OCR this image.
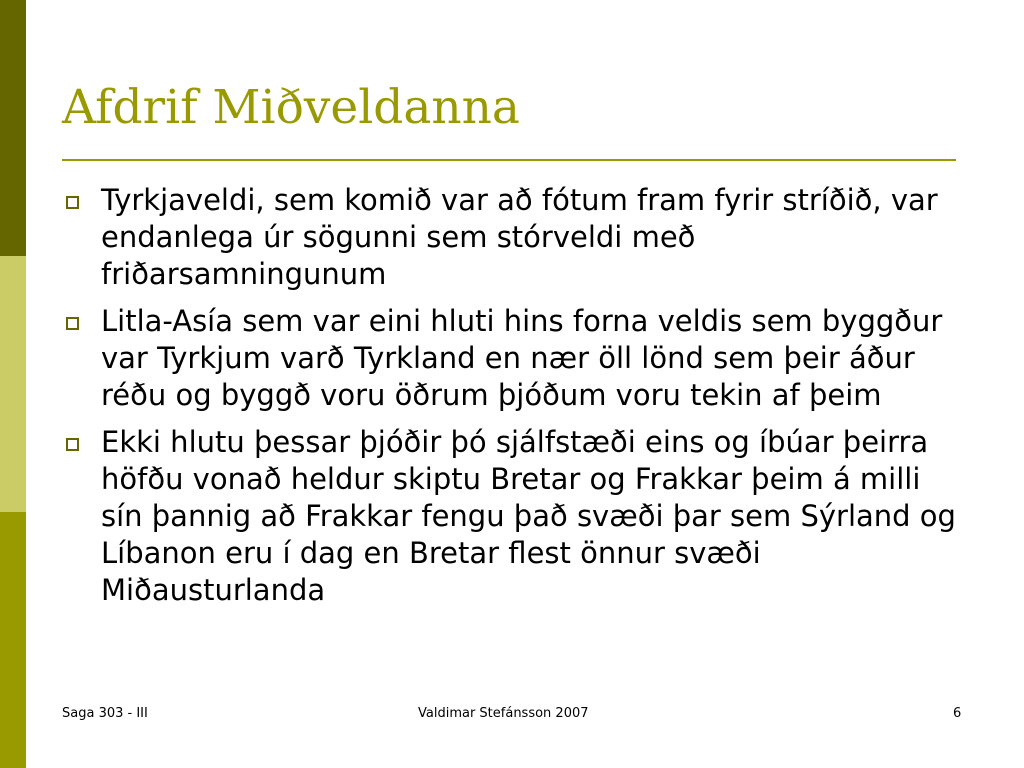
Afdrif Miðveldanna
Tyrkjaveldi, sem komið var að fótum fram fyrir stríðið, var endanlega úr sögunni sem stórveldi með friðarsamningunum
Litla-Asía sem var eini hluti hins forna veldis sem byggður var Tyrkjum varð Tyrkland en nær öll lönd sem þeir áður réðu og byggð voru öðrum þjóðum voru tekin af þeim
Ekki hlutu þessar þjóðir þó sjálfstæði eins og íbúar þeirra höfðu vonað heldur skiptu Bretar og Frakkar þeim á milli sín þannig að Frakkar fengu það svæði þar sem Sýrland og Líbanon eru í dag en Bretar flest önnur svæði Miðausturlanda
Saga 303 - III	Valdimar Stefánsson 2007	6
